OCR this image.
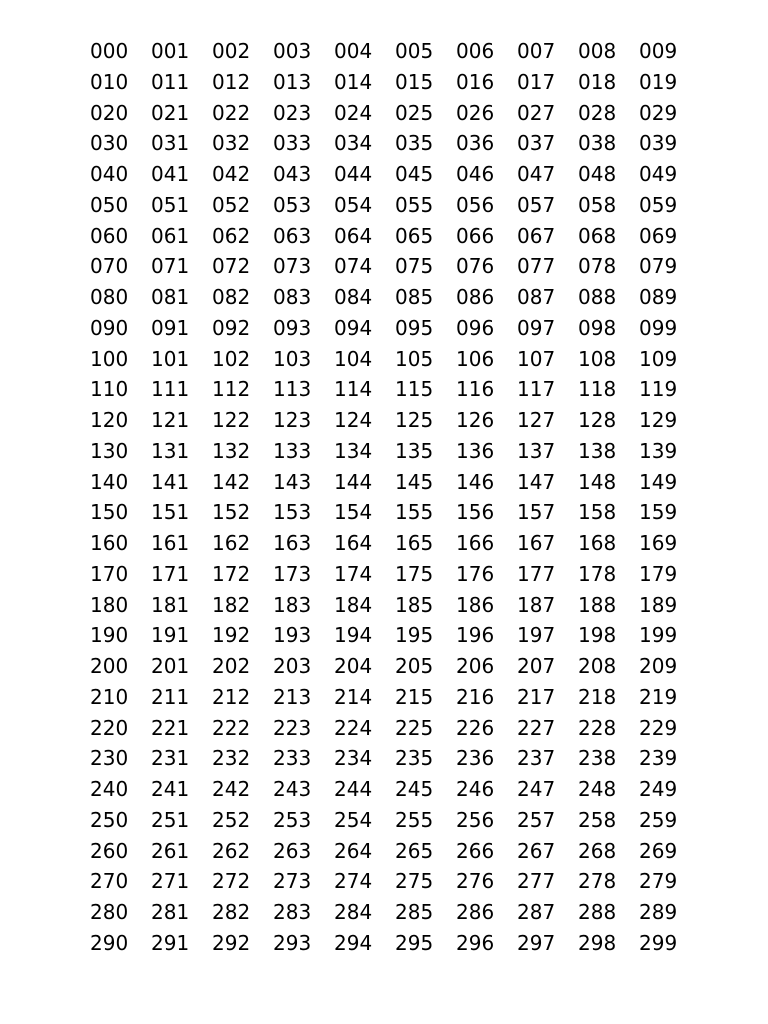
000 001 002 003 004 005 006 007 008 009
010 011 012 013 014 015 016 017 018 019
020 021 022 023 024 025 026 027 028 029
030 031 032 033 034 035 036 037 038 039
040 041 042 043 044 045 046 047 048 049
050 051 052 053 054 055 056 057 058 059
060 061 062 063 064 065 066 067 068 069
070 071 072 073 074 075 076 077 078 079
080 081 082 083 084 085 086 087 088 089
090 091 092 093 094 095 096 097 098 099
100 101 102 103 104 105 106 107 108 109
110 111 112 113 114 115 116 117 118 119
120 121 122 123 124 125 126 127 128 129
130 131 132 133 134 135 136 137 138 139
140 141 142 143 144 145 146 147 148 149
150 151 152 153 154 155 156 157 158 159
160 161 162 163 164 165 166 167 168 169
170 171 172 173 174 175 176 177 178 179
180 181 182 183 184 185 186 187 188 189
190 191 192 193 194 195 196 197 198 199
200 201 202 203 204 205 206 207 208 209
210 211 212 213 214 215 216 217 218 219
220 221 222 223 224 225 226 227 228 229
230 231 232 233 234 235 236 237 238 239
240 241 242 243 244 245 246 247 248 249
250 251 252 253 254 255 256 257 258 259
260 261 262 263 264 265 266 267 268 269
270 271 272 273 274 275 276 277 278 279
280 281 282 283 284 285 286 287 288 289
290 291 292 293 294 295 296 297 298 299
